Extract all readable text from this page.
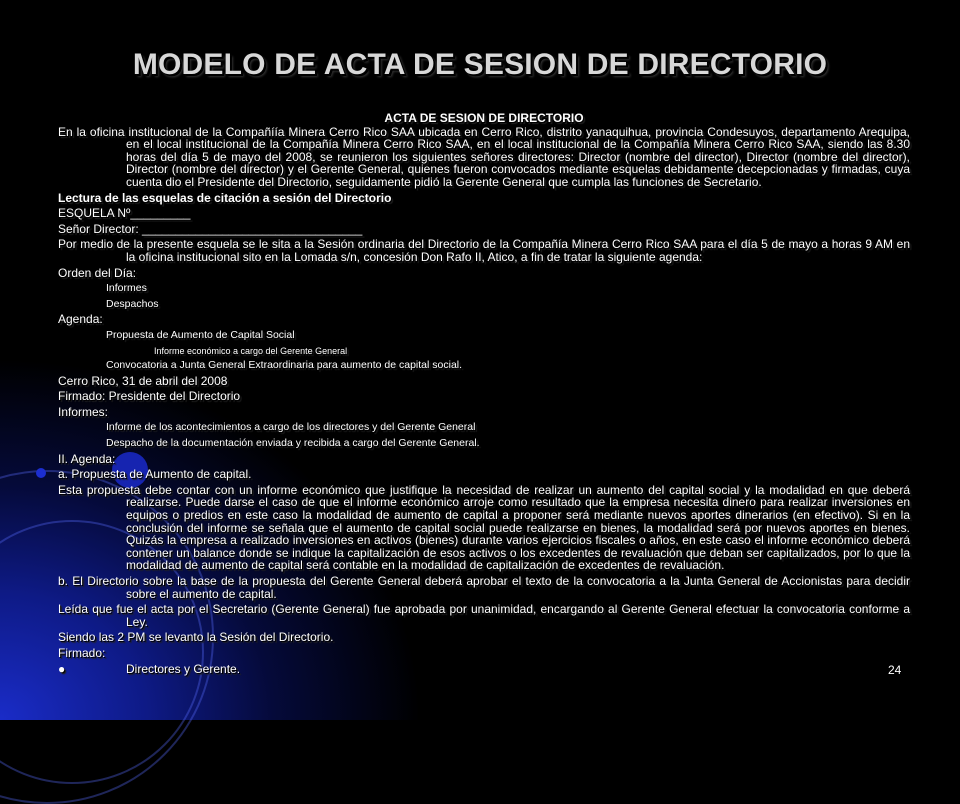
MODELO DE ACTA DE SESION DE DIRECTORIO
ACTA DE SESION DE DIRECTORIO
En la oficina institucional de la Compañíía Minera Cerro Rico SAA ubicada en Cerro Rico, distrito yanaquihua, provincia Condesuyos, departamento Arequipa, en el local institucional de la Compañía Minera Cerro Rico SAA, en el local institucional de la Compañía Minera Cerro Rico SAA, siendo las 8.30 horas del día 5 de mayo del 2008, se reunieron los siguientes señores directores: Director (nombre del director), Director (nombre del director), Director (nombre del director) y el Gerente General, quienes fueron convocados mediante esquelas debidamente decepcionadas y firmadas, cuya cuenta dio el Presidente del Directorio, seguidamente pidió la Gerente General que cumpla las funciones de Secretario.
Lectura de las esquelas de citación a sesión del Directorio
ESQUELA Nº_________
Señor Director: _________________________________
Por medio de la presente esquela se le sita a la Sesión ordinaria del Directorio de la Compañía Minera Cerro Rico SAA para el día 5 de mayo a horas 9 AM en la oficina institucional sito en la Lomada s/n, concesión Don Rafo II, Atico, a fin de tratar la siguiente agenda:
Orden del Día:
Informes
Despachos
Agenda:
Propuesta de Aumento de Capital Social
Informe económico a cargo del Gerente General
Convocatoria a Junta General Extraordinaria para aumento de capital social.
Cerro Rico, 31 de abril del 2008
Firmado: Presidente del Directorio
Informes:
Informe de los acontecimientos a cargo de los directores y del Gerente General
Despacho de la documentación enviada y recibida a cargo del Gerente General.
II. Agenda:
a. Propuesta de Aumento de capital.
Esta propuesta debe contar con un informe económico que justifique la necesidad de realizar un aumento del capital social y la modalidad en que deberá realizarse. Puede darse el caso de que el informe económico arroje como resultado que la empresa necesita dinero para realizar inversiones en equipos o predios en este caso la modalidad de aumento de capital a proponer será mediante nuevos aportes dinerarios (en efectivo). Si en la conclusión del informe se señala que el aumento de capital social puede realizarse en bienes, la modalidad será por nuevos aportes en bienes. Quizás la empresa a realizado inversiones en activos (bienes) durante varios ejercicios fiscales o años, en este caso el informe económico deberá contener un balance donde se indique la capitalización de esos activos o los excedentes de revaluación que deban ser capitalizados, por lo que la modalidad de aumento de capital será contable en la modalidad de capitalización de excedentes de revaluación.
b. El Directorio sobre la base de la propuesta del Gerente General deberá aprobar el texto de la convocatoria a la Junta General de Accionistas para decidir sobre el aumento de capital.
Leída que fue el acta por el Secretario (Gerente General) fue aprobada por unanimidad, encargando al Gerente General efectuar la convocatoria conforme a Ley.
Siendo las 2 PM se levanto la Sesión del Directorio.
Firmado:
●	Directores y Gerente.	24
